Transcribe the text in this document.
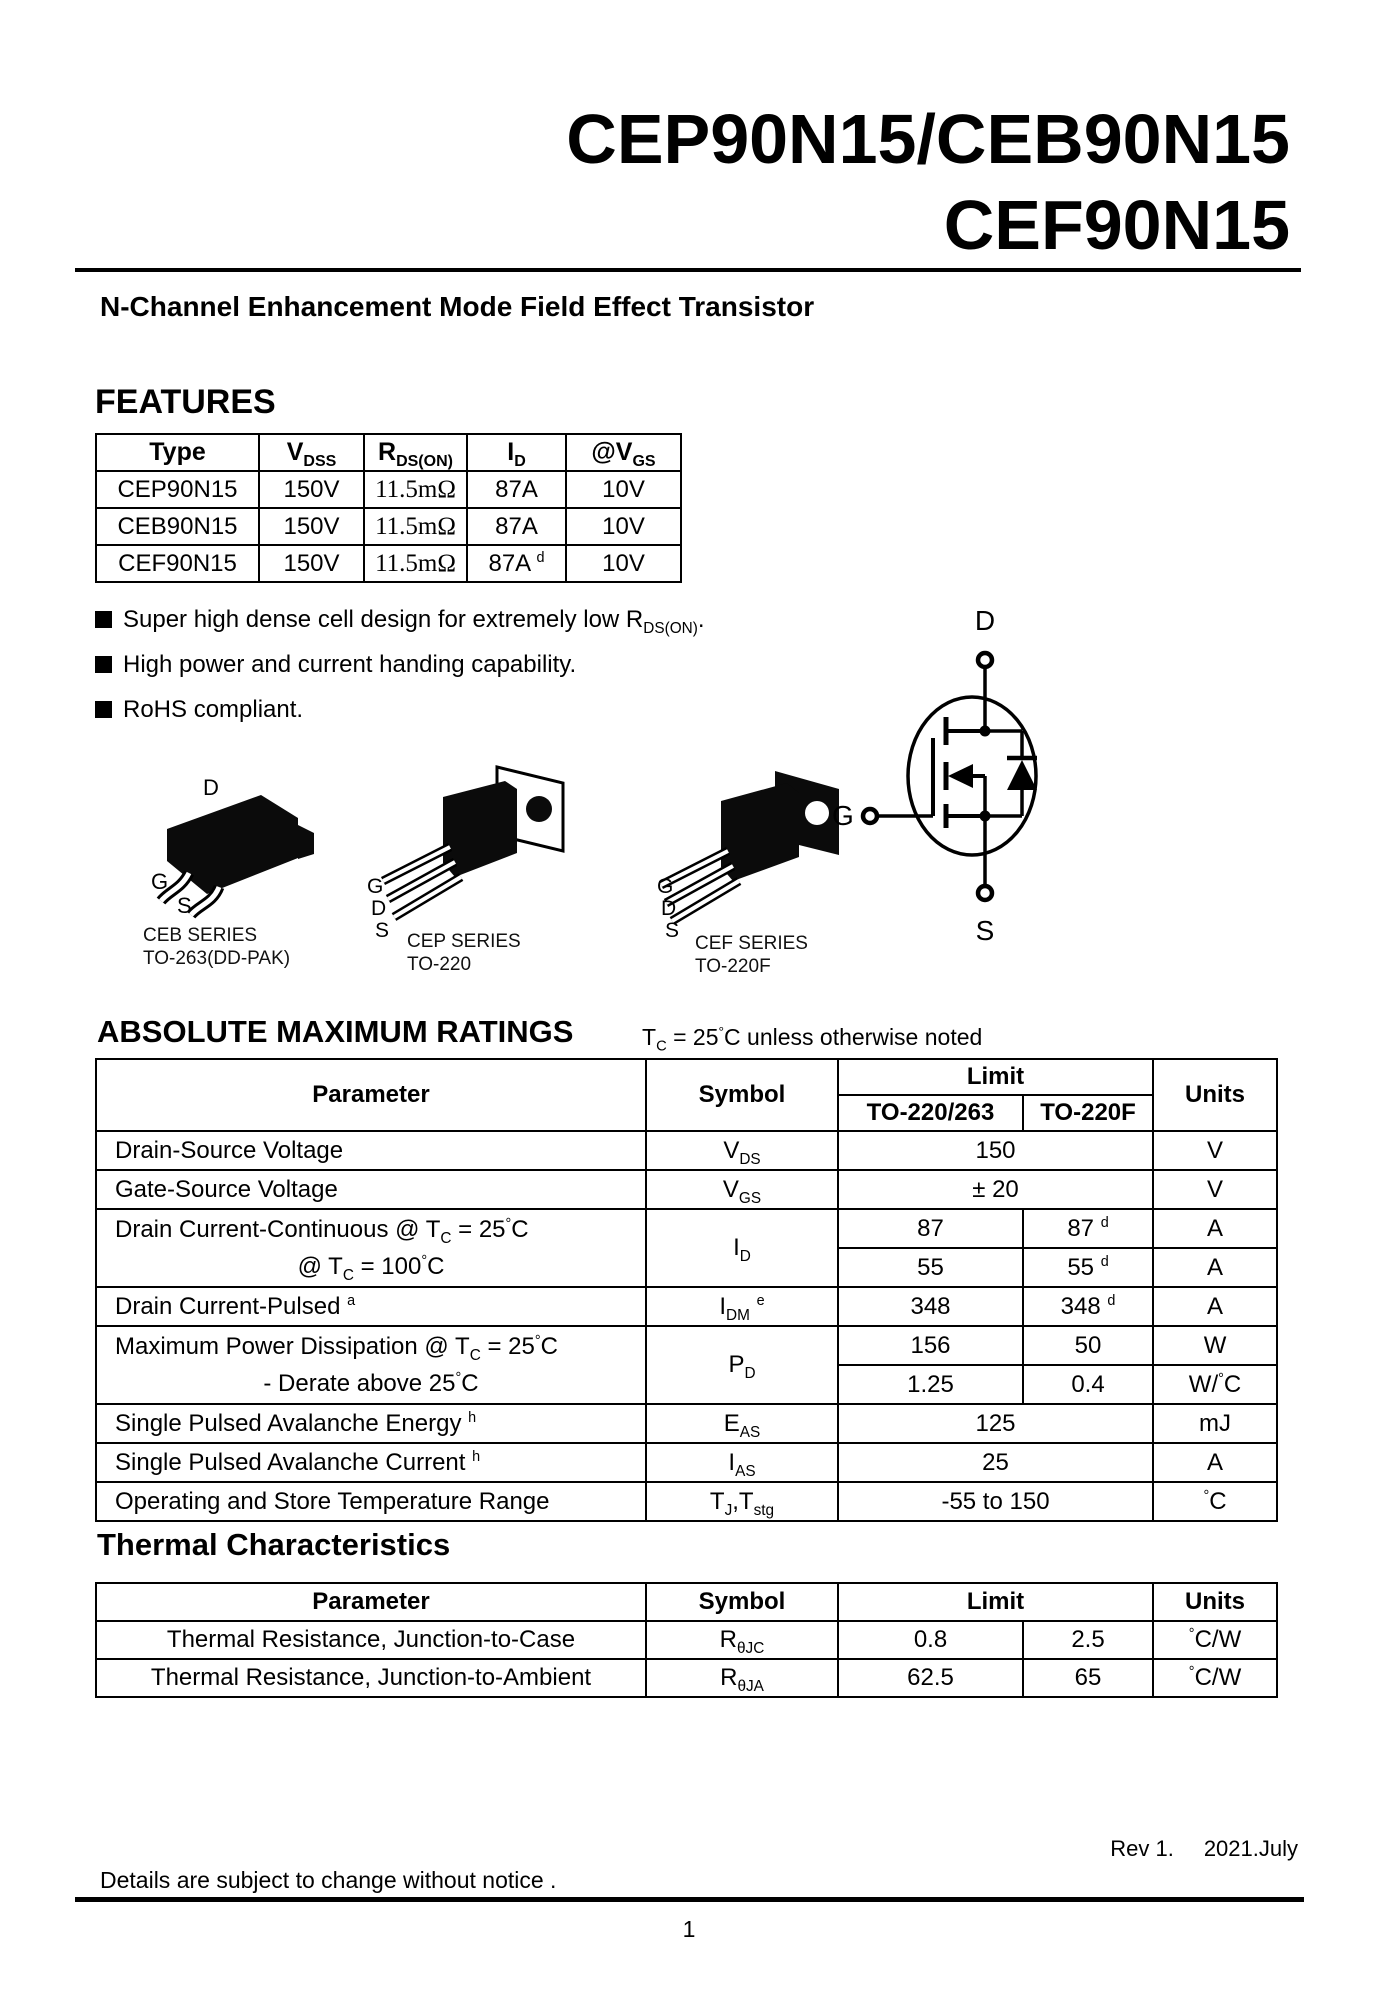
CEP90N15/CEB90N15
CEF90N15
N-Channel Enhancement Mode Field Effect Transistor
FEATURES
Type	$V_{DSS}$	$R_{DS(ON)}$	$I_D$	$@V_{GS}$
CEP90N15	150V	11.5mΩ	87A	10V
CEB90N15	150V	11.5mΩ	87A	10V
CEF90N15	150V	11.5mΩ	87A $^d$	10V
Super high dense cell design for extremely low $R_{DS(ON)}$.
High power and current handing capability.
RoHS compliant.
D
G
S
CEB SERIES
TO-263(DD-PAK)
G
D
S CEP SERIES
TO-220
G
D
S
CEF SERIES
TO-220F
D
G
S
ABSOLUTE MAXIMUM RATINGS	$T_C = 25^\circ C$ unless otherwise noted
Parameter	Symbol	Limit		Units
		TO-220/263	TO-220F	
Drain-Source Voltage	$V_{DS}$	150		V
Gate-Source Voltage	$V_{GS}$	± 20		V

Drain Current-Continuous @ $T_C = 25^\circ C$
@ $T_C = 100^\circ C$	$I_D$	87	87 $^d$	A
		55	55 $^d$	A
Drain Current-Pulsed $^a$	$I_{DM}$ $^e$	348	348 $^d$	A

Maximum Power Dissipation @ $T_C = 25^\circ C$
- Derate above 25°C	$P_D$	156	50	W
		1.25	0.4	W/°C
Single Pulsed Avalanche Energy $^h$	$E_{AS}$	125		mJ
Single Pulsed Avalanche Current $^h$	$I_{AS}$	25		A
Operating and Store Temperature Range	$T_J,T_{stg}$	-55 to 150		°C
Thermal Characteristics
Parameter	Symbol	Limit		Units
Thermal Resistance, Junction-to-Case	$R_{\theta JC}$	0.8	2.5	°C/W
Thermal Resistance, Junction-to-Ambient	$R_{\theta JA}$	62.5	65	°C/W
Rev 1. 2021.July
Details are subject to change without notice .
1
